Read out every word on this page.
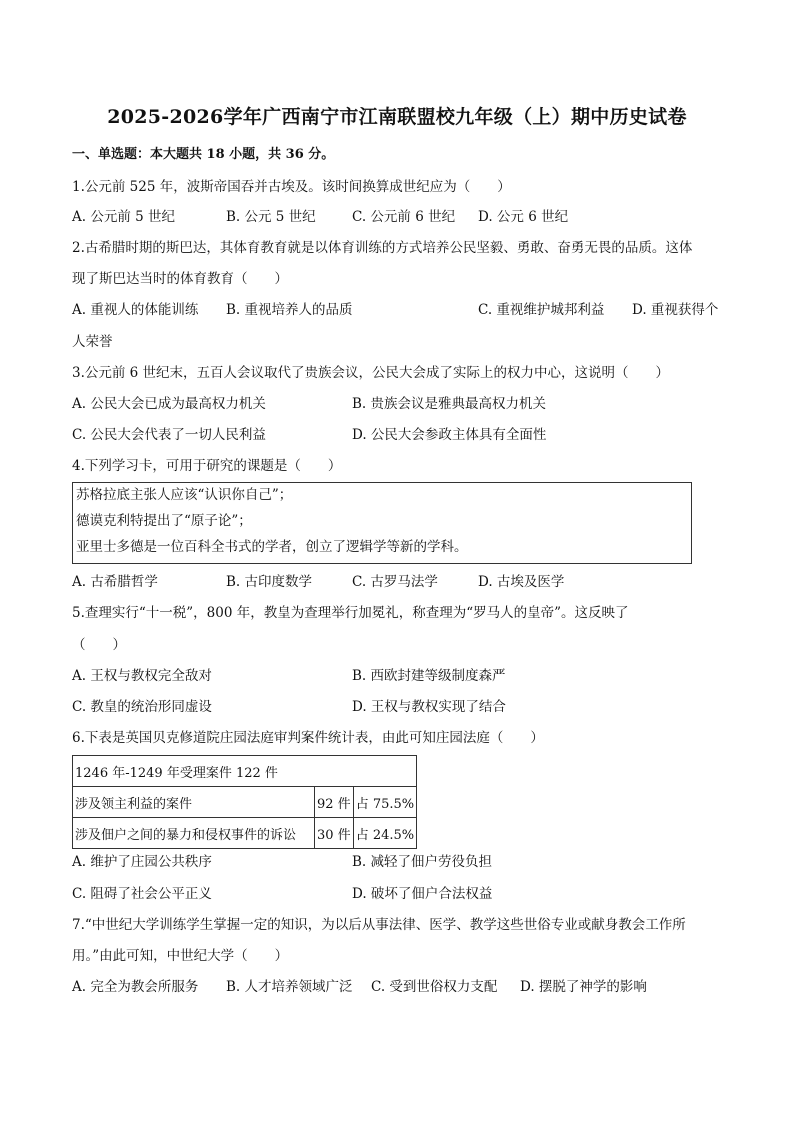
2025-2026学年广西南宁市江南联盟校九年级（上）期中历史试卷
一、单选题：本大题共 18 小题，共 36 分。
1.公元前 525 年，波斯帝国吞并古埃及。该时间换算成世纪应为（　　）
A. 公元前 5 世纪	B. 公元 5 世纪	C. 公元前 6 世纪 D. 公元 6 世纪
2.古希腊时期的斯巴达，其体育教育就是以体育训练的方式培养公民坚毅、勇敢、奋勇无畏的品质。这体
现了斯巴达当时的体育教育（　　）
A. 重视人的体能训练 B. 重视培养人的品质	C. 重视维护城邦利益 D. 重视获得个
人荣誉
3.公元前 6 世纪末，五百人会议取代了贵族会议，公民大会成了实际上的权力中心，这说明（　　）
A. 公民大会已成为最高权力机关	B. 贵族会议是雅典最高权力机关
C. 公民大会代表了一切人民利益	D. 公民大会参政主体具有全面性
4.下列学习卡，可用于研究的课题是（　　）
苏格拉底主张人应该“认识你自己”；
德谟克利特提出了“原子论”；
亚里士多德是一位百科全书式的学者，创立了逻辑学等新的学科。
A. 古希腊哲学	B. 古印度数学	C. 古罗马法学	D. 古埃及医学
5.查理实行“十一税”，800 年，教皇为查理举行加冕礼，称查理为“罗马人的皇帝”。这反映了
（　　）
A. 王权与教权完全敌对	B. 西欧封建等级制度森严
C. 教皇的统治形同虚设	D. 王权与教权实现了结合
6.下表是英国贝克修道院庄园法庭审判案件统计表，由此可知庄园法庭（　　）
1246 年-1249 年受理案件 122 件		
涉及领主利益的案件	92 件	占 75.5%
涉及佃户之间的暴力和侵权事件的诉讼	30 件	占 24.5%
A. 维护了庄园公共秩序	B. 减轻了佃户劳役负担
C. 阻碍了社会公平正义	D. 破坏了佃户合法权益
7.“中世纪大学训练学生掌握一定的知识，为以后从事法律、医学、教学这些世俗专业或献身教会工作所
用。”由此可知，中世纪大学（　　）
A. 完全为教会所服务 B. 人才培养领域广泛 C. 受到世俗权力支配 D. 摆脱了神学的影响
